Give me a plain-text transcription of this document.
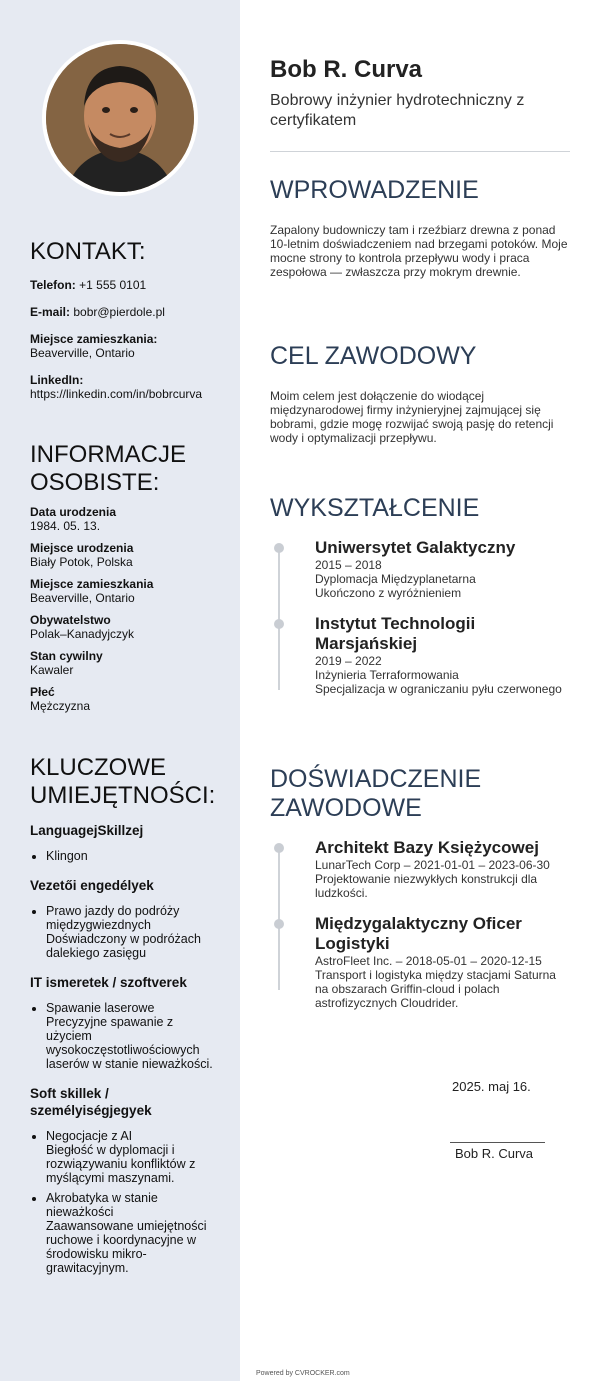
KONTAKT:

Telefon: +1 555 0101

E-mail: bobr@pierdole.pl

Miejsce zamieszkania:
Beaverville, Ontario

LinkedIn:
https://linkedin.com/in/bobrcurva

INFORMACJE
OSOBISTE:
Data urodzenia
1984. 05. 13.
Miejsce urodzenia
Biały Potok, Polska
Miejsce zamieszkania
Beaverville, Ontario
Obywatelstwo
Polak–Kanadyjczyk
Stan cywilny
Kawaler
Płeć
Mężczyzna
KLUCZOWE
UMIEJĘTNOŚCI:
LanguagejSkillzej
• Klingon
Vezetői engedélyek
• Prawo jazdy do podróży międzygwiezdnych
Doświadczony w podróżach dalekiego zasięgu
IT ismeretek / szoftverek
• Spawanie laserowe
Precyzyjne spawanie z użyciem wysokoczęstotliwościowych laserów w stanie nieważkości.
Soft skillek / személyiségjegyek
• Negocjacje z AI
Biegłość w dyplomacji i rozwiązywaniu konfliktów z myślącymi maszynami.
• Akrobatyka w stanie nieważkości
Zaawansowane umiejętności ruchowe i koordynacyjne w środowisku mikro-grawitacyjnym.
Bob R. Curva
Bobrowy inżynier hydrotechniczny z certyfikatem
WPROWADZENIE
Zapalony budowniczy tam i rzeźbiarz drewna z ponad 10-letnim doświadczeniem nad brzegami potoków. Moje mocne strony to kontrola przepływu wody i praca zespołowa — zwłaszcza przy mokrym drewnie.
CEL ZAWODOWY
Moim celem jest dołączenie do wiodącej międzynarodowej firmy inżynieryjnej zajmującej się bobrami, gdzie mogę rozwijać swoją pasję do retencji wody i optymalizacji przepływu.
WYKSZTAŁCENIE
Uniwersytet Galaktyczny
2015 – 2018
Dyplomacja Międzyplanetarna
Ukończono z wyróżnieniem
Instytut Technologii Marsjańskiej
2019 – 2022
Inżynieria Terraformowania
Specjalizacja w ograniczaniu pyłu czerwonego
DOŚWIADCZENIE
ZAWODOWE
Architekt Bazy Księżycowej
LunarTech Corp – 2021-01-01 – 2023-06-30
Projektowanie niezwykłych konstrukcji dla ludzkości.
Międzygalaktyczny Oficer Logistyki
AstroFleet Inc. – 2018-05-01 – 2020-12-15
Transport i logistyka między stacjami Saturna na obszarach Griffin-cloud i polach astrofizycznych Cloudrider.
2025. maj 16.
Bob R. Curva
Powered by CVROCKER.com
